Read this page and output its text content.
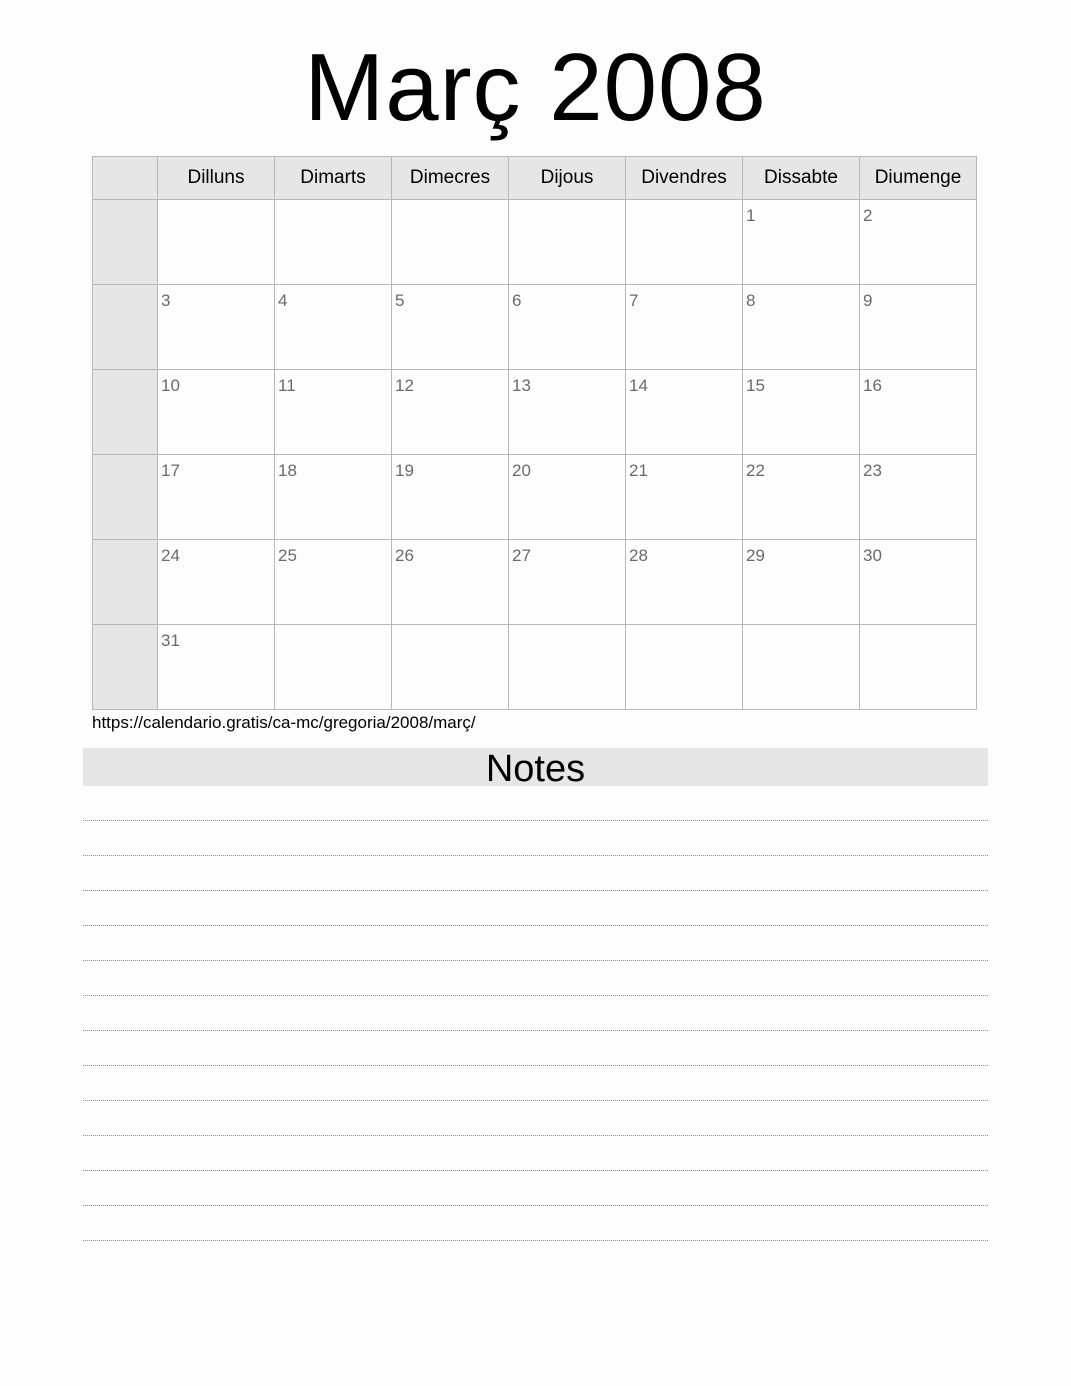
Març 2008
	Dilluns	Dimarts	Dimecres	Dijous	Divendres	Dissabte	Diumenge

						1	2

	3	4	5	6	7	8	9

	10	11	12	13	14	15	16

	17	18	19	20	21	22	23

	24	25	26	27	28	29	30

	31						

https://calendario.gratis/ca-mc/gregoria/2008/març/
Notes
